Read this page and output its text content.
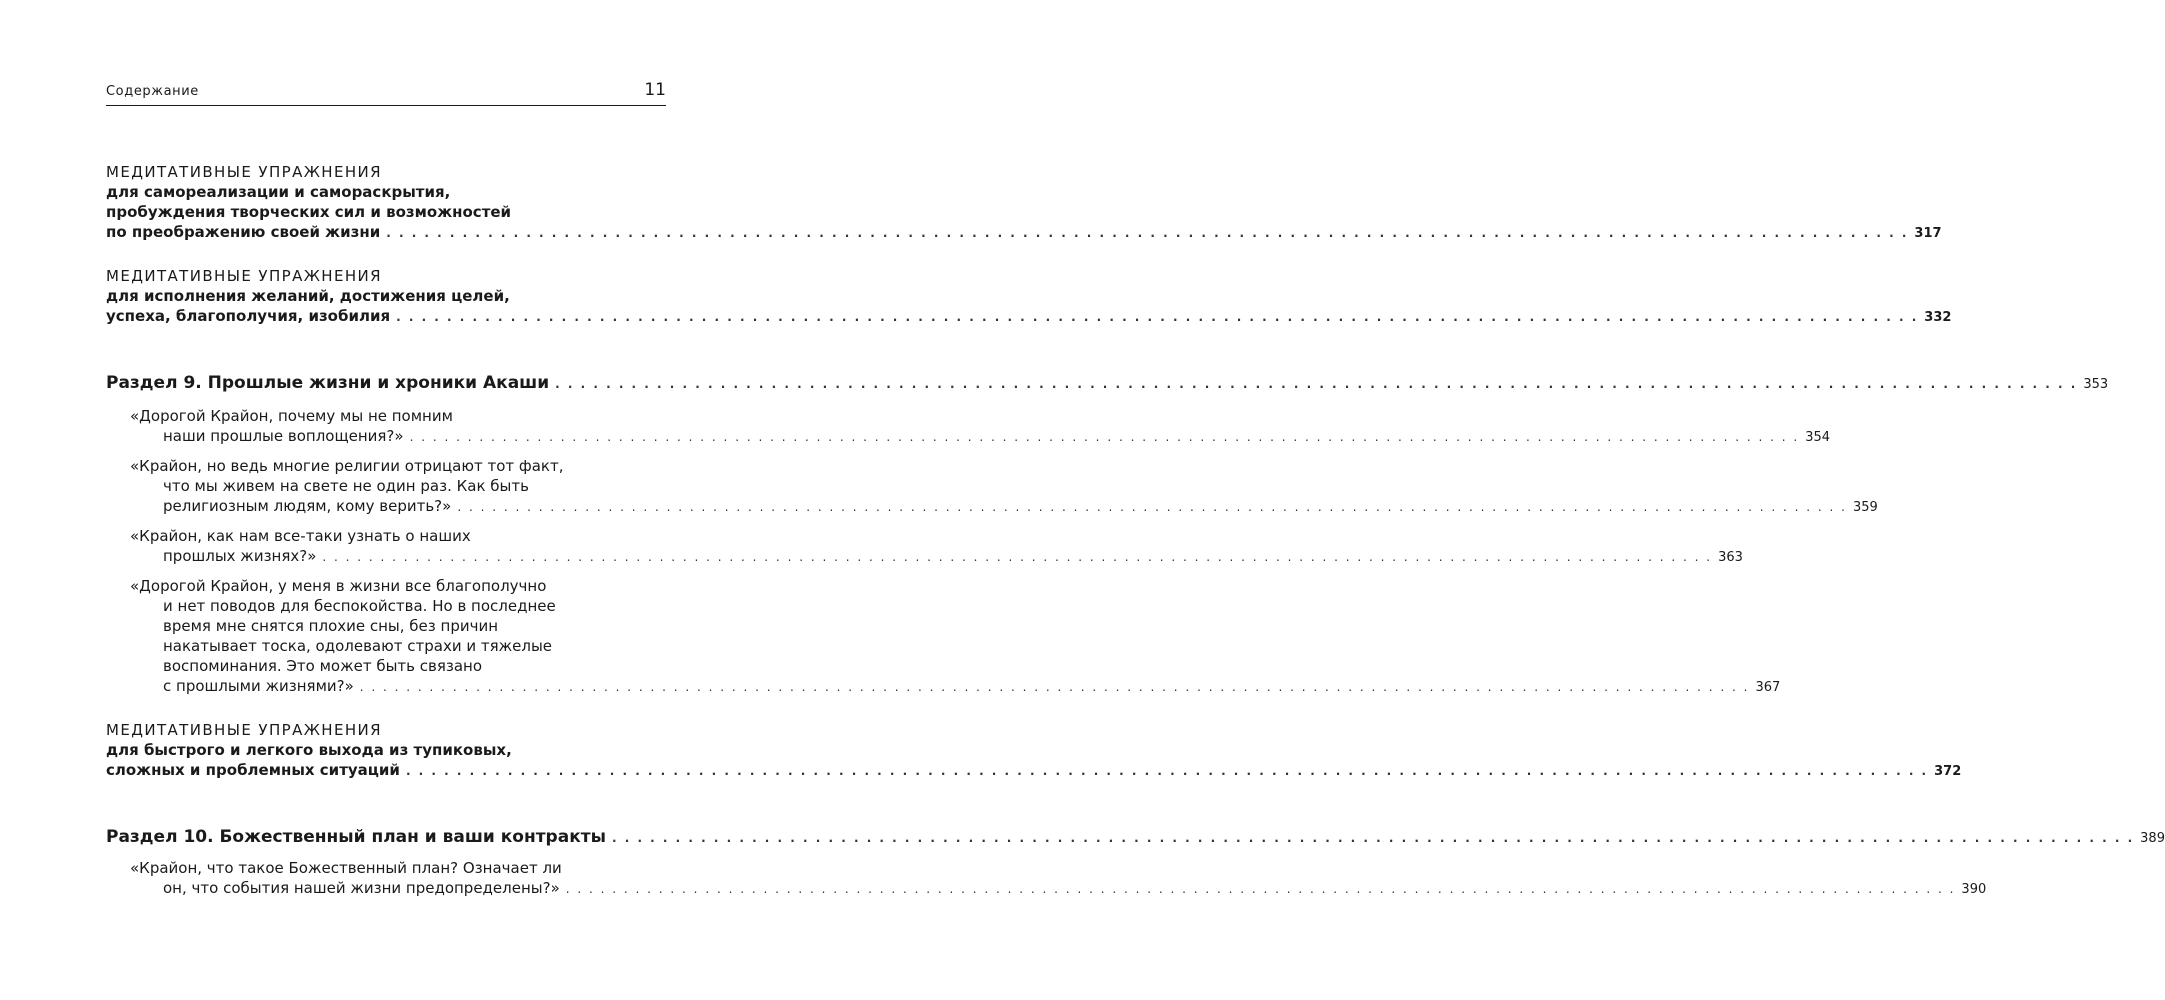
Содержание	11
МЕДИТАТИВНЫЕ УПРАЖНЕНИЯ
для самореализации и самораскрытия,
пробуждения творческих сил и возможностей
по преображению своей жизни . . . . . . . . . . . . . . . . . . . . . . . . . . . . . . . . . . . . . . . . . . . . . . . . . . . . . . . . . . . . . . . . . . . . . . . . . . . . . . . . . . . . . . . . . . . . . . . . . . . . . . . . . . . . . . . . . . . . . . . . 317
МЕДИТАТИВНЫЕ УПРАЖНЕНИЯ
для исполнения желаний, достижения целей,
успеха, благополучия, изобилия . . . . . . . . . . . . . . . . . . . . . . . . . . . . . . . . . . . . . . . . . . . . . . . . . . . . . . . . . . . . . . . . . . . . . . . . . . . . . . . . . . . . . . . . . . . . . . . . . . . . . . . . . . . . . . . . . . . . . . . . 332
Раздел 9. Прошлые жизни и хроники Акаши . . . . . . . . . . . . . . . . . . . . . . . . . . . . . . . . . . . . . . . . . . . . . . . . . . . . . . . . . . . . . . . . . . . . . . . . . . . . . . . . . . . . . . . . . . . . . . . . . . . . . . . . . . . . . . . . . . . . . . . . 353
«Дорогой Крайон, почему мы не помним
наши прошлые воплощения?» . . . . . . . . . . . . . . . . . . . . . . . . . . . . . . . . . . . . . . . . . . . . . . . . . . . . . . . . . . . . . . . . . . . . . . . . . . . . . . . . . . . . . . . . . . . . . . . . . . . . . . . . . . . . . . . . . . . . . . . . 354
«Крайон, но ведь многие религии отрицают тот факт,
что мы живем на свете не один раз. Как быть
религиозным людям, кому верить?» . . . . . . . . . . . . . . . . . . . . . . . . . . . . . . . . . . . . . . . . . . . . . . . . . . . . . . . . . . . . . . . . . . . . . . . . . . . . . . . . . . . . . . . . . . . . . . . . . . . . . . . . . . . . . . . . . . . . . . . . 359
«Крайон, как нам все-таки узнать о наших
прошлых жизнях?» . . . . . . . . . . . . . . . . . . . . . . . . . . . . . . . . . . . . . . . . . . . . . . . . . . . . . . . . . . . . . . . . . . . . . . . . . . . . . . . . . . . . . . . . . . . . . . . . . . . . . . . . . . . . . . . . . . . . . . . . 363
«Дорогой Крайон, у меня в жизни все благополучно
и нет поводов для беспокойства. Но в последнее
время мне снятся плохие сны, без причин
накатывает тоска, одолевают страхи и тяжелые
воспоминания. Это может быть связано
с прошлыми жизнями?» . . . . . . . . . . . . . . . . . . . . . . . . . . . . . . . . . . . . . . . . . . . . . . . . . . . . . . . . . . . . . . . . . . . . . . . . . . . . . . . . . . . . . . . . . . . . . . . . . . . . . . . . . . . . . . . . . . . . . . . . 367
МЕДИТАТИВНЫЕ УПРАЖНЕНИЯ
для быстрого и легкого выхода из тупиковых,
сложных и проблемных ситуаций . . . . . . . . . . . . . . . . . . . . . . . . . . . . . . . . . . . . . . . . . . . . . . . . . . . . . . . . . . . . . . . . . . . . . . . . . . . . . . . . . . . . . . . . . . . . . . . . . . . . . . . . . . . . . . . . . . . . . . . . 372
Раздел 10. Божественный план и ваши контракты . . . . . . . . . . . . . . . . . . . . . . . . . . . . . . . . . . . . . . . . . . . . . . . . . . . . . . . . . . . . . . . . . . . . . . . . . . . . . . . . . . . . . . . . . . . . . . . . . . . . . . . . . . . . . . . . . . . . . . . . 389
«Крайон, что такое Божественный план? Означает ли
он, что события нашей жизни предопределены?» . . . . . . . . . . . . . . . . . . . . . . . . . . . . . . . . . . . . . . . . . . . . . . . . . . . . . . . . . . . . . . . . . . . . . . . . . . . . . . . . . . . . . . . . . . . . . . . . . . . . . . . . . . . . . . . . . . . . . . . . 390
